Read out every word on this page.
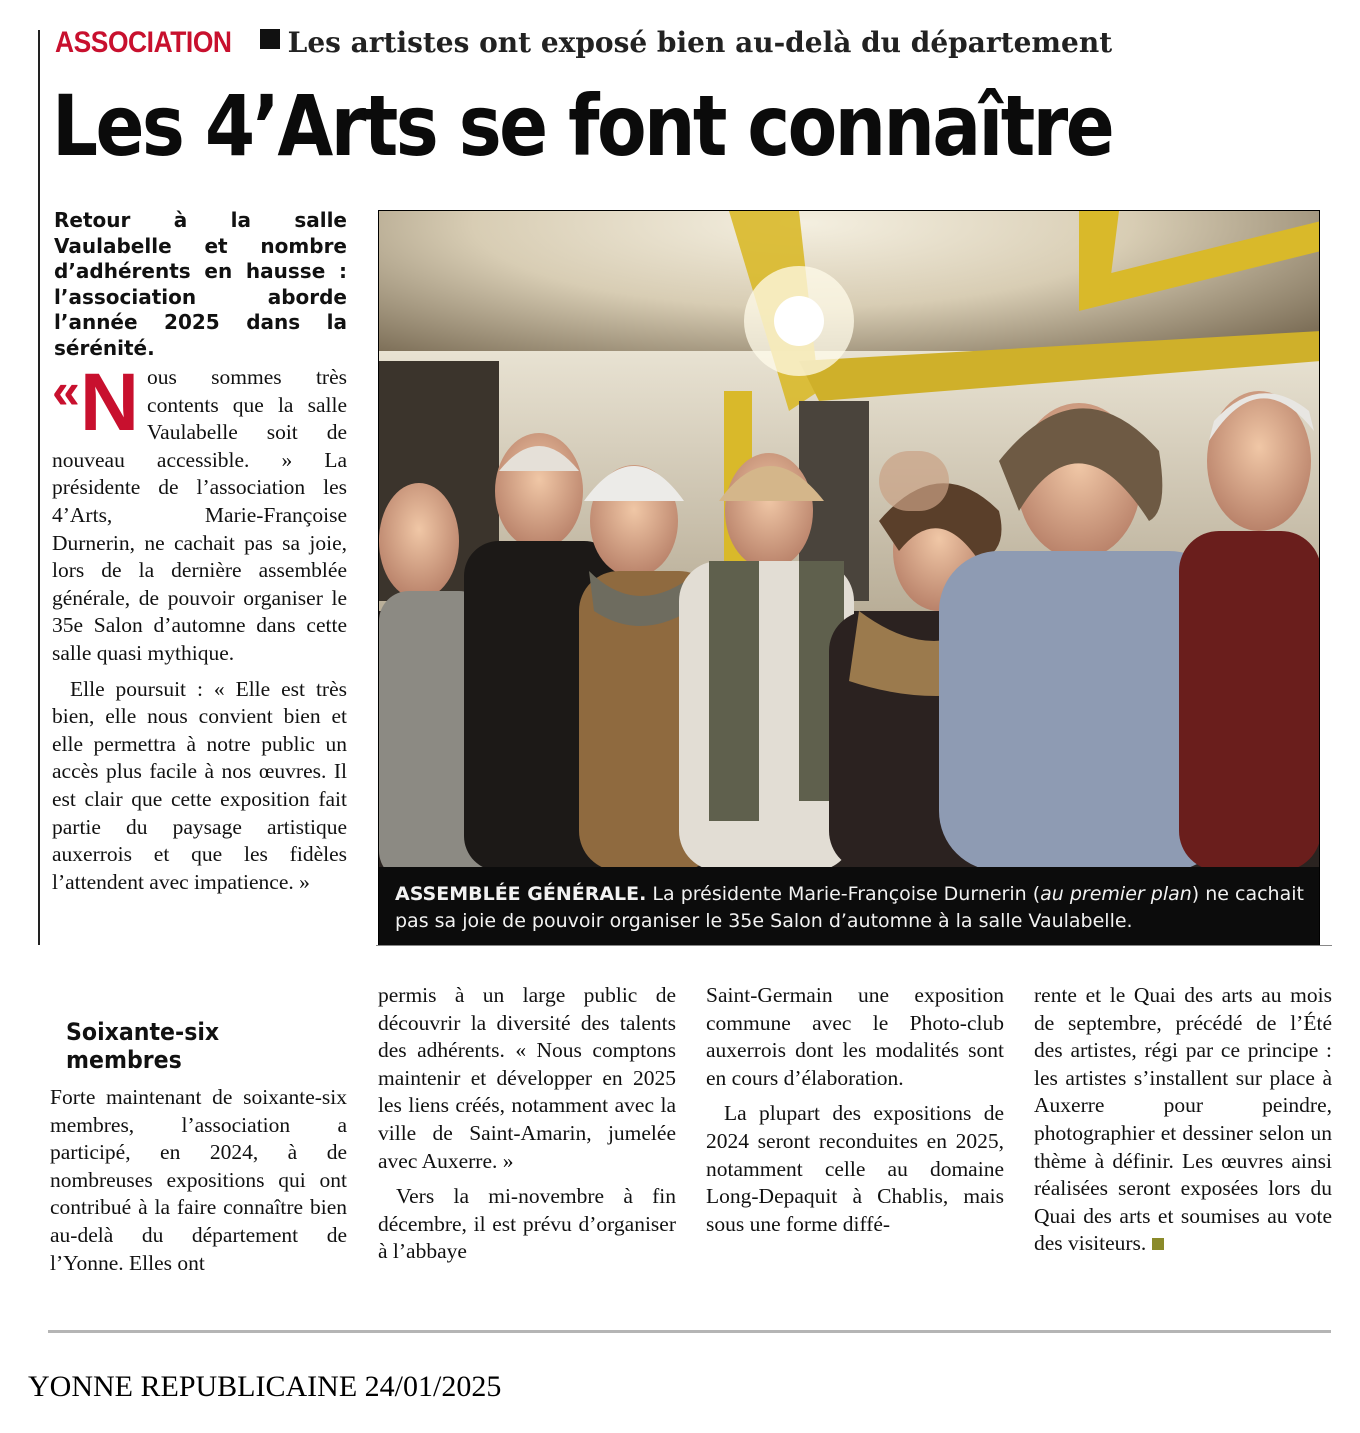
ASSOCIATION Les artistes ont exposé bien au-delà du département
Les 4’Arts se font connaître
Retour à la salle Vaulabelle et nombre d’adhérents en hausse : l’association aborde l’année 2025 dans la sérénité.

«N ous sommes très contents que la salle Vaulabelle soit de nouveau accessible. » La présidente de l’association les 4’Arts, Marie-Françoise Durnerin, ne cachait pas sa joie, lors de la dernière assemblée générale, de pouvoir organiser le 35e Salon d’automne dans cette salle quasi mythique.

Elle poursuit : « Elle est très bien, elle nous convient bien et elle permettra à notre public un accès plus facile à nos œuvres. Il est clair que cette exposition fait partie du paysage artistique auxerrois et que les fidèles l’attendent avec impatience. »

Soixante-six membres

Forte maintenant de soixante-six membres, l’association a participé, en 2024, à de nombreuses expositions qui ont contribué à la faire connaître bien au-delà du département de l’Yonne. Elles ont

permis à un large public de découvrir la diversité des talents des adhérents. « Nous comptons maintenir et développer en 2025 les liens créés, notamment avec la ville de Saint-Amarin, jumelée avec Auxerre. »

Vers la mi-novembre à fin décembre, il est prévu d’organiser à l’abbaye

Saint-Germain une exposition commune avec le Photo-club auxerrois dont les modalités sont en cours d’élaboration.

La plupart des expositions de 2024 seront reconduites en 2025, notamment celle au domaine Long-Depaquit à Chablis, mais sous une forme diffé-

rente et le Quai des arts au mois de septembre, précédé de l’Été des artistes, régi par ce principe : les artistes s’installent sur place à Auxerre pour peindre, photographier et dessiner selon un thème à définir. Les œuvres ainsi réalisées seront exposées lors du Quai des arts et soumises au vote des visiteurs.

ASSEMBLÉE GÉNÉRALE. La présidente Marie-Françoise Durnerin (au premier plan) ne cachait pas sa joie de pouvoir organiser le 35e Salon d’automne à la salle Vaulabelle.
YONNE REPUBLICAINE 24/01/2025
